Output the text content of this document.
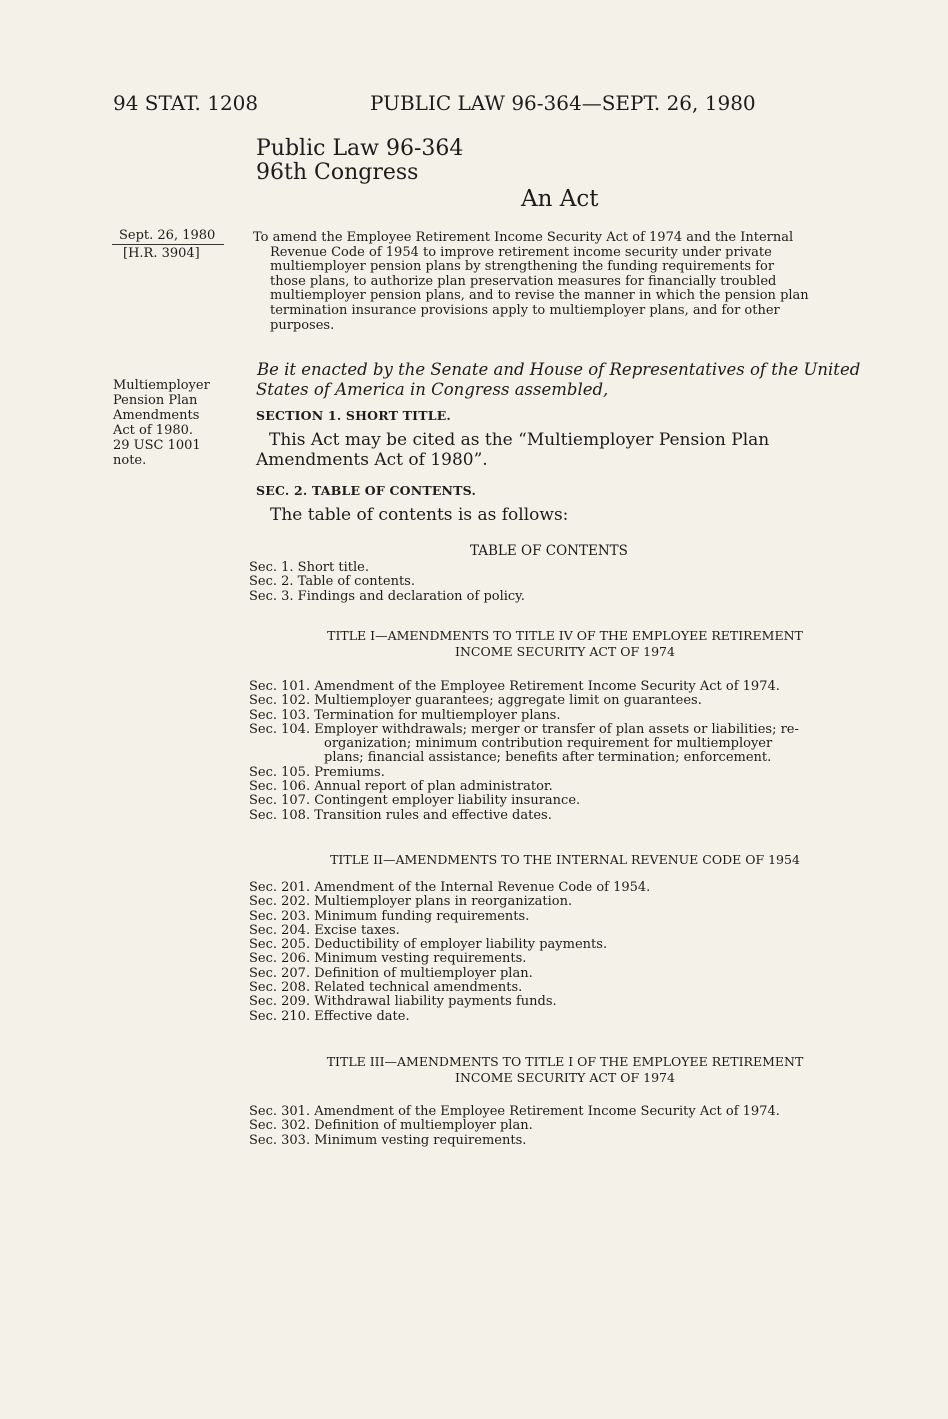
94 STAT. 1208	PUBLIC LAW 96-364—SEPT. 26, 1980
Public Law 96-364
96th Congress
An Act
Sept. 26, 1980
[H.R. 3904]
Multiemployer
Pension Plan
Amendments
Act of 1980.
29 USC 1001
note.
To amend the Employee Retirement Income Security Act of 1974 and the Internal
Revenue Code of 1954 to improve retirement income security under private
multiemployer pension plans by strengthening the funding requirements for
those plans, to authorize plan preservation measures for financially troubled
multiemployer pension plans, and to revise the manner in which the pension plan
termination insurance provisions apply to multiemployer plans, and for other
purposes.
Be it enacted by the Senate and House of Representatives of the United States of America in Congress assembled,
SECTION 1. SHORT TITLE.
This Act may be cited as the “Multiemployer Pension Plan Amendments Act of 1980”.
SEC. 2. TABLE OF CONTENTS.
The table of contents is as follows:
TABLE OF CONTENTS
Sec. 1. Short title.
Sec. 2. Table of contents.
Sec. 3. Findings and declaration of policy.
TITLE I—AMENDMENTS TO TITLE IV OF THE EMPLOYEE RETIREMENT
INCOME SECURITY ACT OF 1974
Sec. 101. Amendment of the Employee Retirement Income Security Act of 1974.
Sec. 102. Multiemployer guarantees; aggregate limit on guarantees.
Sec. 103. Termination for multiemployer plans.
Sec. 104. Employer withdrawals; merger or transfer of plan assets or liabilities; re-
organization; minimum contribution requirement for multiemployer
plans; financial assistance; benefits after termination; enforcement.
Sec. 105. Premiums.
Sec. 106. Annual report of plan administrator.
Sec. 107. Contingent employer liability insurance.
Sec. 108. Transition rules and effective dates.
TITLE II—AMENDMENTS TO THE INTERNAL REVENUE CODE OF 1954
Sec. 201. Amendment of the Internal Revenue Code of 1954.
Sec. 202. Multiemployer plans in reorganization.
Sec. 203. Minimum funding requirements.
Sec. 204. Excise taxes.
Sec. 205. Deductibility of employer liability payments.
Sec. 206. Minimum vesting requirements.
Sec. 207. Definition of multiemployer plan.
Sec. 208. Related technical amendments.
Sec. 209. Withdrawal liability payments funds.
Sec. 210. Effective date.
TITLE III—AMENDMENTS TO TITLE I OF THE EMPLOYEE RETIREMENT
INCOME SECURITY ACT OF 1974
Sec. 301. Amendment of the Employee Retirement Income Security Act of 1974.
Sec. 302. Definition of multiemployer plan.
Sec. 303. Minimum vesting requirements.
